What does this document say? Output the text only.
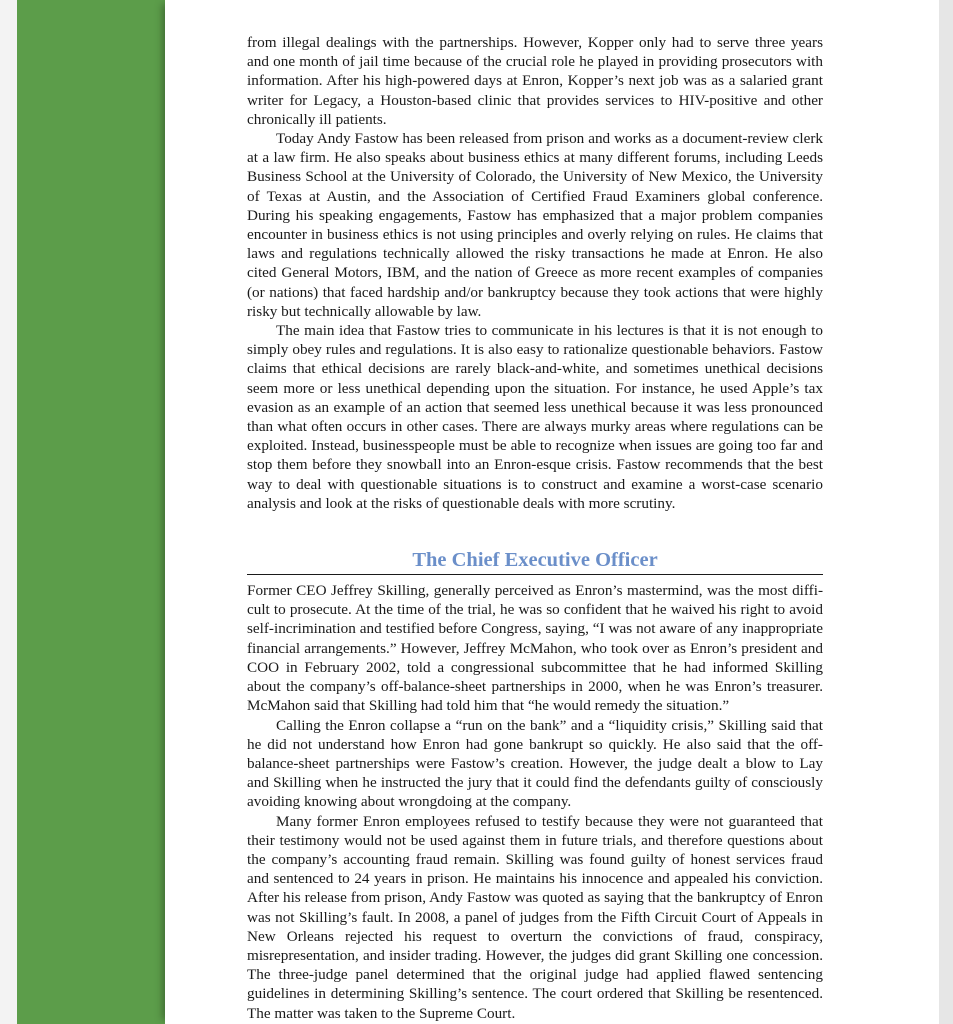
from illegal dealings with the partnerships. However, Kopper only had to serve three years and one month of jail time because of the crucial role he played in providing prosecutors with information. After his high-powered days at Enron, Kopper’s next job was as a salaried grant writer for Legacy, a Houston-based clinic that provides services to HIV-positive and other chronically ill patients.

Today Andy Fastow has been released from prison and works as a document-review clerk at a law firm. He also speaks about business ethics at many different forums, including Leeds Business School at the University of Colorado, the University of New Mexico, the University of Texas at Austin, and the Association of Certified Fraud Examiners global conference. During his speaking engagements, Fastow has emphasized that a major problem companies encounter in business ethics is not using principles and overly relying on rules. He claims that laws and regulations technically allowed the risky transactions he made at Enron. He also cited General Motors, IBM, and the nation of Greece as more recent examples of companies (or nations) that faced hardship and/or bankruptcy because they took actions that were highly risky but technically allowable by law.

The main idea that Fastow tries to communicate in his lectures is that it is not enough to simply obey rules and regulations. It is also easy to rationalize questionable behaviors. Fastow claims that ethical decisions are rarely black-and-white, and sometimes unethical decisions seem more or less unethical depending upon the situation. For instance, he used Apple’s tax evasion as an example of an action that seemed less unethical because it was less pronounced than what often occurs in other cases. There are always murky areas where regulations can be exploited. Instead, businesspeople must be able to recognize when issues are going too far and stop them before they snowball into an Enron-esque crisis. Fastow recommends that the best way to deal with questionable situations is to construct and examine a worst-case scenario analysis and look at the risks of questionable deals with more scrutiny.

The Chief Executive Officer

Former CEO Jeffrey Skilling, generally perceived as Enron’s mastermind, was the most difficult to prosecute. At the time of the trial, he was so confident that he waived his right to avoid self-incrimination and testified before Congress, saying, “I was not aware of any inappropriate financial arrangements.” However, Jeffrey McMahon, who took over as Enron’s president and COO in February 2002, told a congressional subcommittee that he had informed Skilling about the company’s off-balance-sheet partnerships in 2000, when he was Enron’s treasurer. McMahon said that Skilling had told him that “he would remedy the situation.”

Calling the Enron collapse a “run on the bank” and a “liquidity crisis,” Skilling said that he did not understand how Enron had gone bankrupt so quickly. He also said that the off-balance-sheet partnerships were Fastow’s creation. However, the judge dealt a blow to Lay and Skilling when he instructed the jury that it could find the defendants guilty of consciously avoiding knowing about wrongdoing at the company.

Many former Enron employees refused to testify because they were not guaranteed that their testimony would not be used against them in future trials, and therefore questions about the company’s accounting fraud remain. Skilling was found guilty of honest services fraud and sentenced to 24 years in prison. He maintains his innocence and appealed his conviction. After his release from prison, Andy Fastow was quoted as saying that the bankruptcy of Enron was not Skilling’s fault. In 2008, a panel of judges from the Fifth Circuit Court of Appeals in New Orleans rejected his request to overturn the convictions of fraud, conspiracy, misrepresentation, and insider trading. However, the judges did grant Skilling one concession. The three-judge panel determined that the original judge had applied flawed sentencing guidelines in determining Skilling’s sentence. The court ordered that Skilling be resentenced. The matter was taken to the Supreme Court.
